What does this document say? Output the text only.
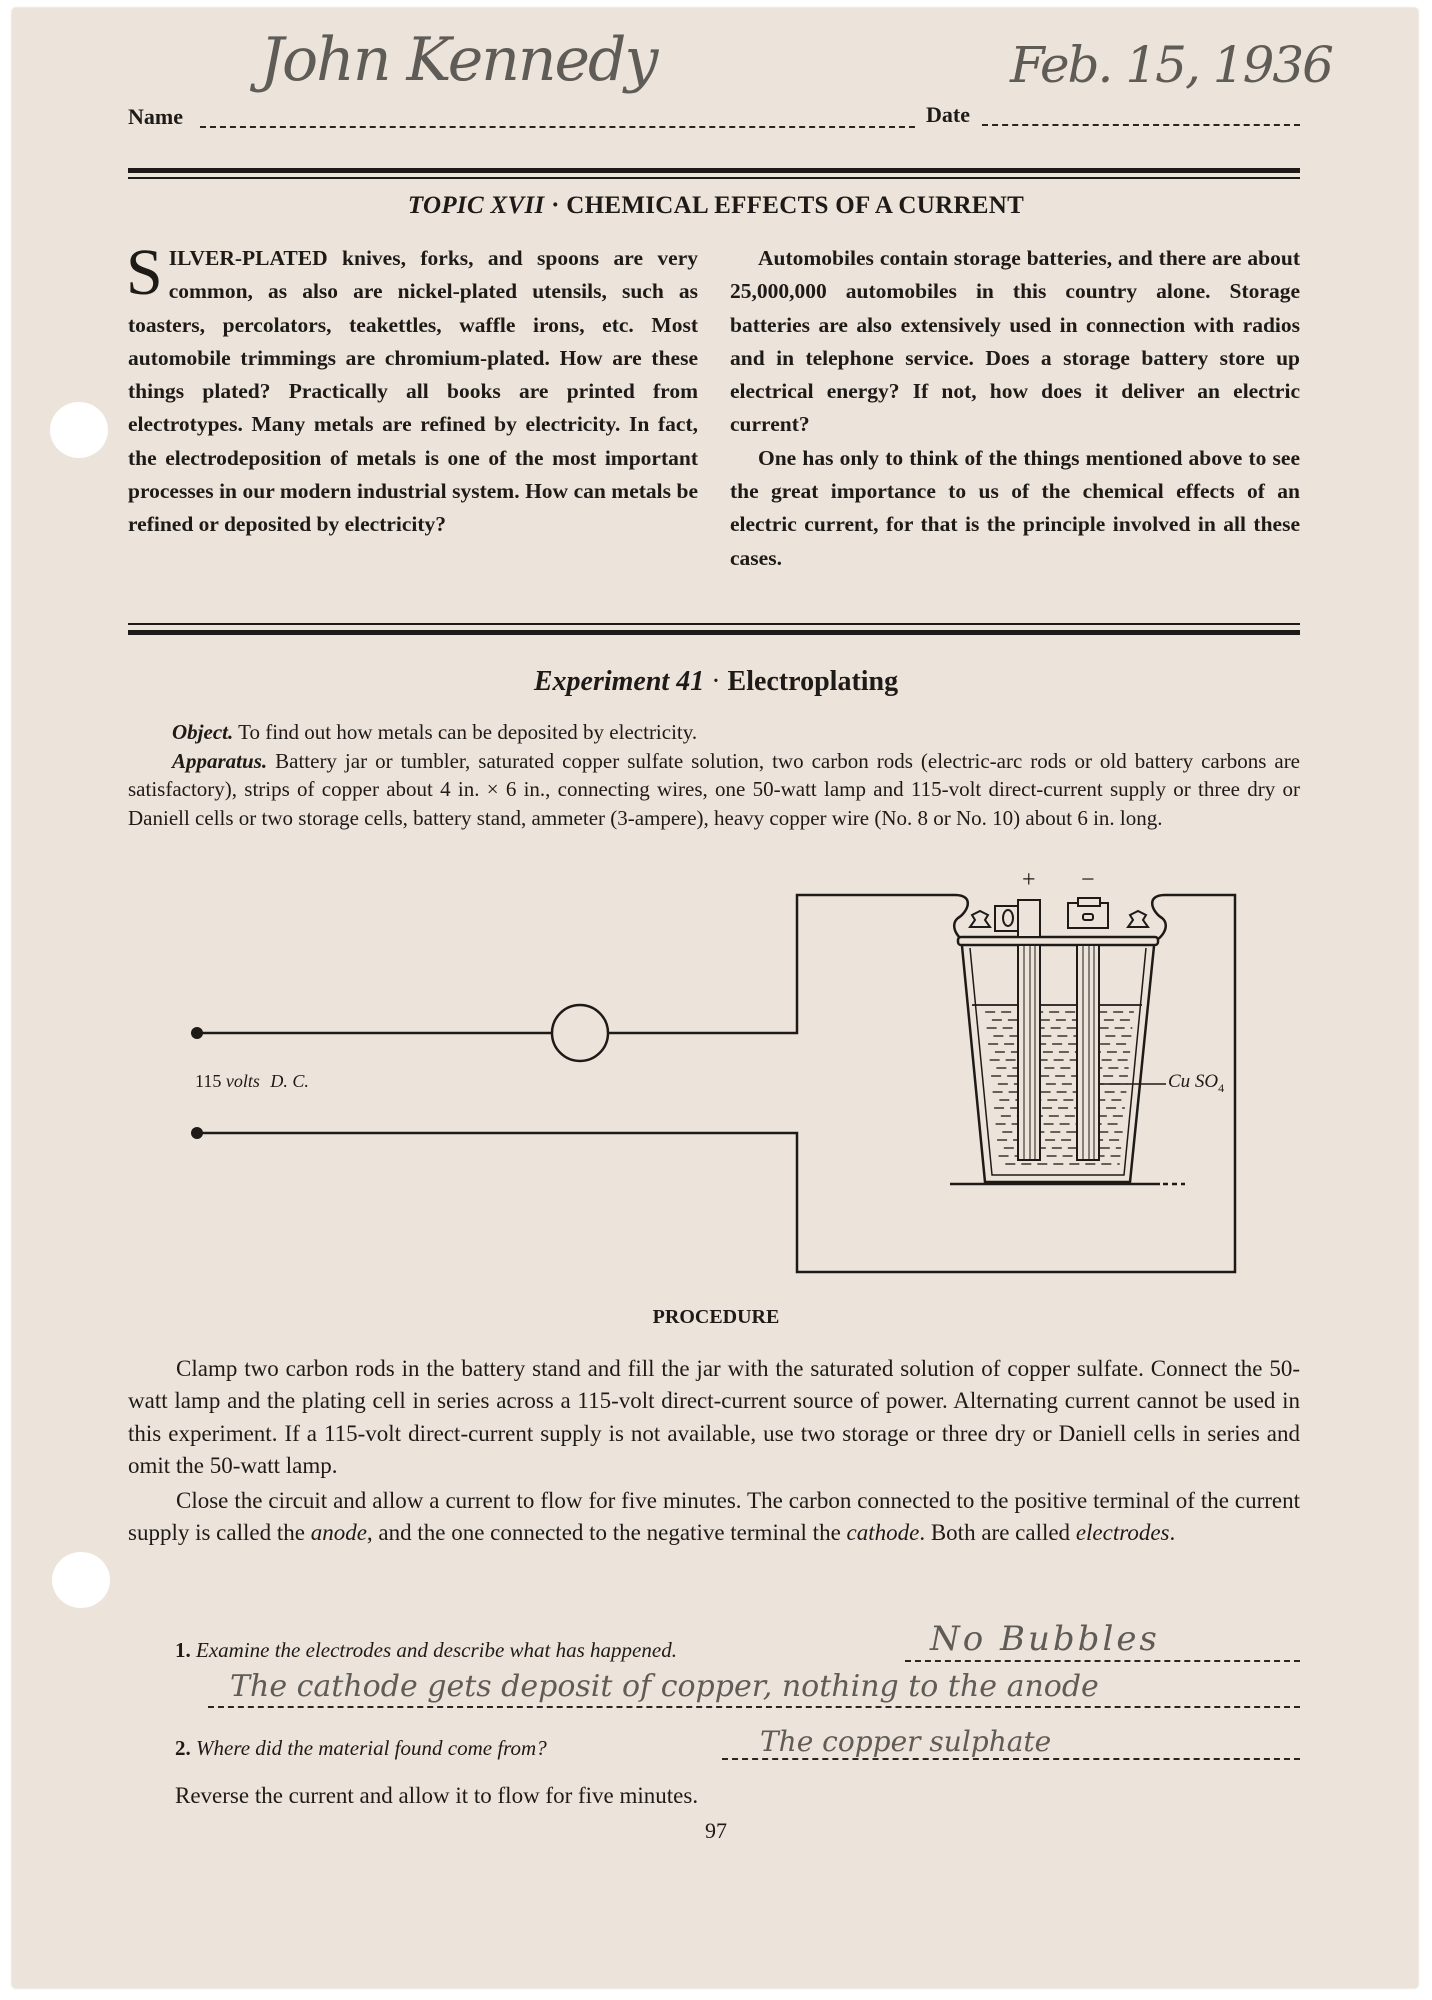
Name	Date
John Kennedy	Feb. 15, 1936
TOPIC XVII · CHEMICAL EFFECTS OF A CURRENT

SILVER-PLATED knives, forks, and spoons are very common, as also are nickel-plated utensils, such as toasters, percolators, teakettles, waffle irons, etc. Most automobile trimmings are chromium-plated. How are these things plated? Practically all books are printed from electrotypes. Many metals are refined by electricity. In fact, the electrodeposition of metals is one of the most important processes in our modern industrial system. How can metals be refined or deposited by electricity?

Automobiles contain storage batteries, and there are about 25,000,000 automobiles in this country alone. Storage batteries are also extensively used in connection with radios and in telephone service. Does a storage battery store up electrical energy? If not, how does it deliver an electric current?

One has only to think of the things mentioned above to see the great importance to us of the chemical effects of an electric current, for that is the principle involved in all these cases.

Experiment 41 · Electroplating

Object. To find out how metals can be deposited by electricity.

Apparatus. Battery jar or tumbler, saturated copper sulfate solution, two carbon rods (electric-arc rods or old battery carbons are satisfactory), strips of copper about 4 in. × 6 in., connecting wires, one 50-watt lamp and 115-volt direct-current supply or three dry or Daniell cells or two storage cells, battery stand, ammeter (3-ampere), heavy copper wire (No. 8 or No. 10) about 6 in. long.

+ −
115 volts D. C.	Cu $SO_4$
PROCEDURE

Clamp two carbon rods in the battery stand and fill the jar with the saturated solution of copper sulfate. Connect the 50-watt lamp and the plating cell in series across a 115-volt direct-current source of power. Alternating current cannot be used in this experiment. If a 115-volt direct-current supply is not available, use two storage or three dry or Daniell cells in series and omit the 50-watt lamp.

Close the circuit and allow a current to flow for five minutes. The carbon connected to the positive terminal of the current supply is called the anode, and the one connected to the negative terminal the cathode. Both are called electrodes.

1. Examine the electrodes and describe what has happened.	No Bubbles
The cathode gets deposit of copper, nothing to the anode
2. Where did the material found come from?	The copper sulphate
Reverse the current and allow it to flow for five minutes.
97
